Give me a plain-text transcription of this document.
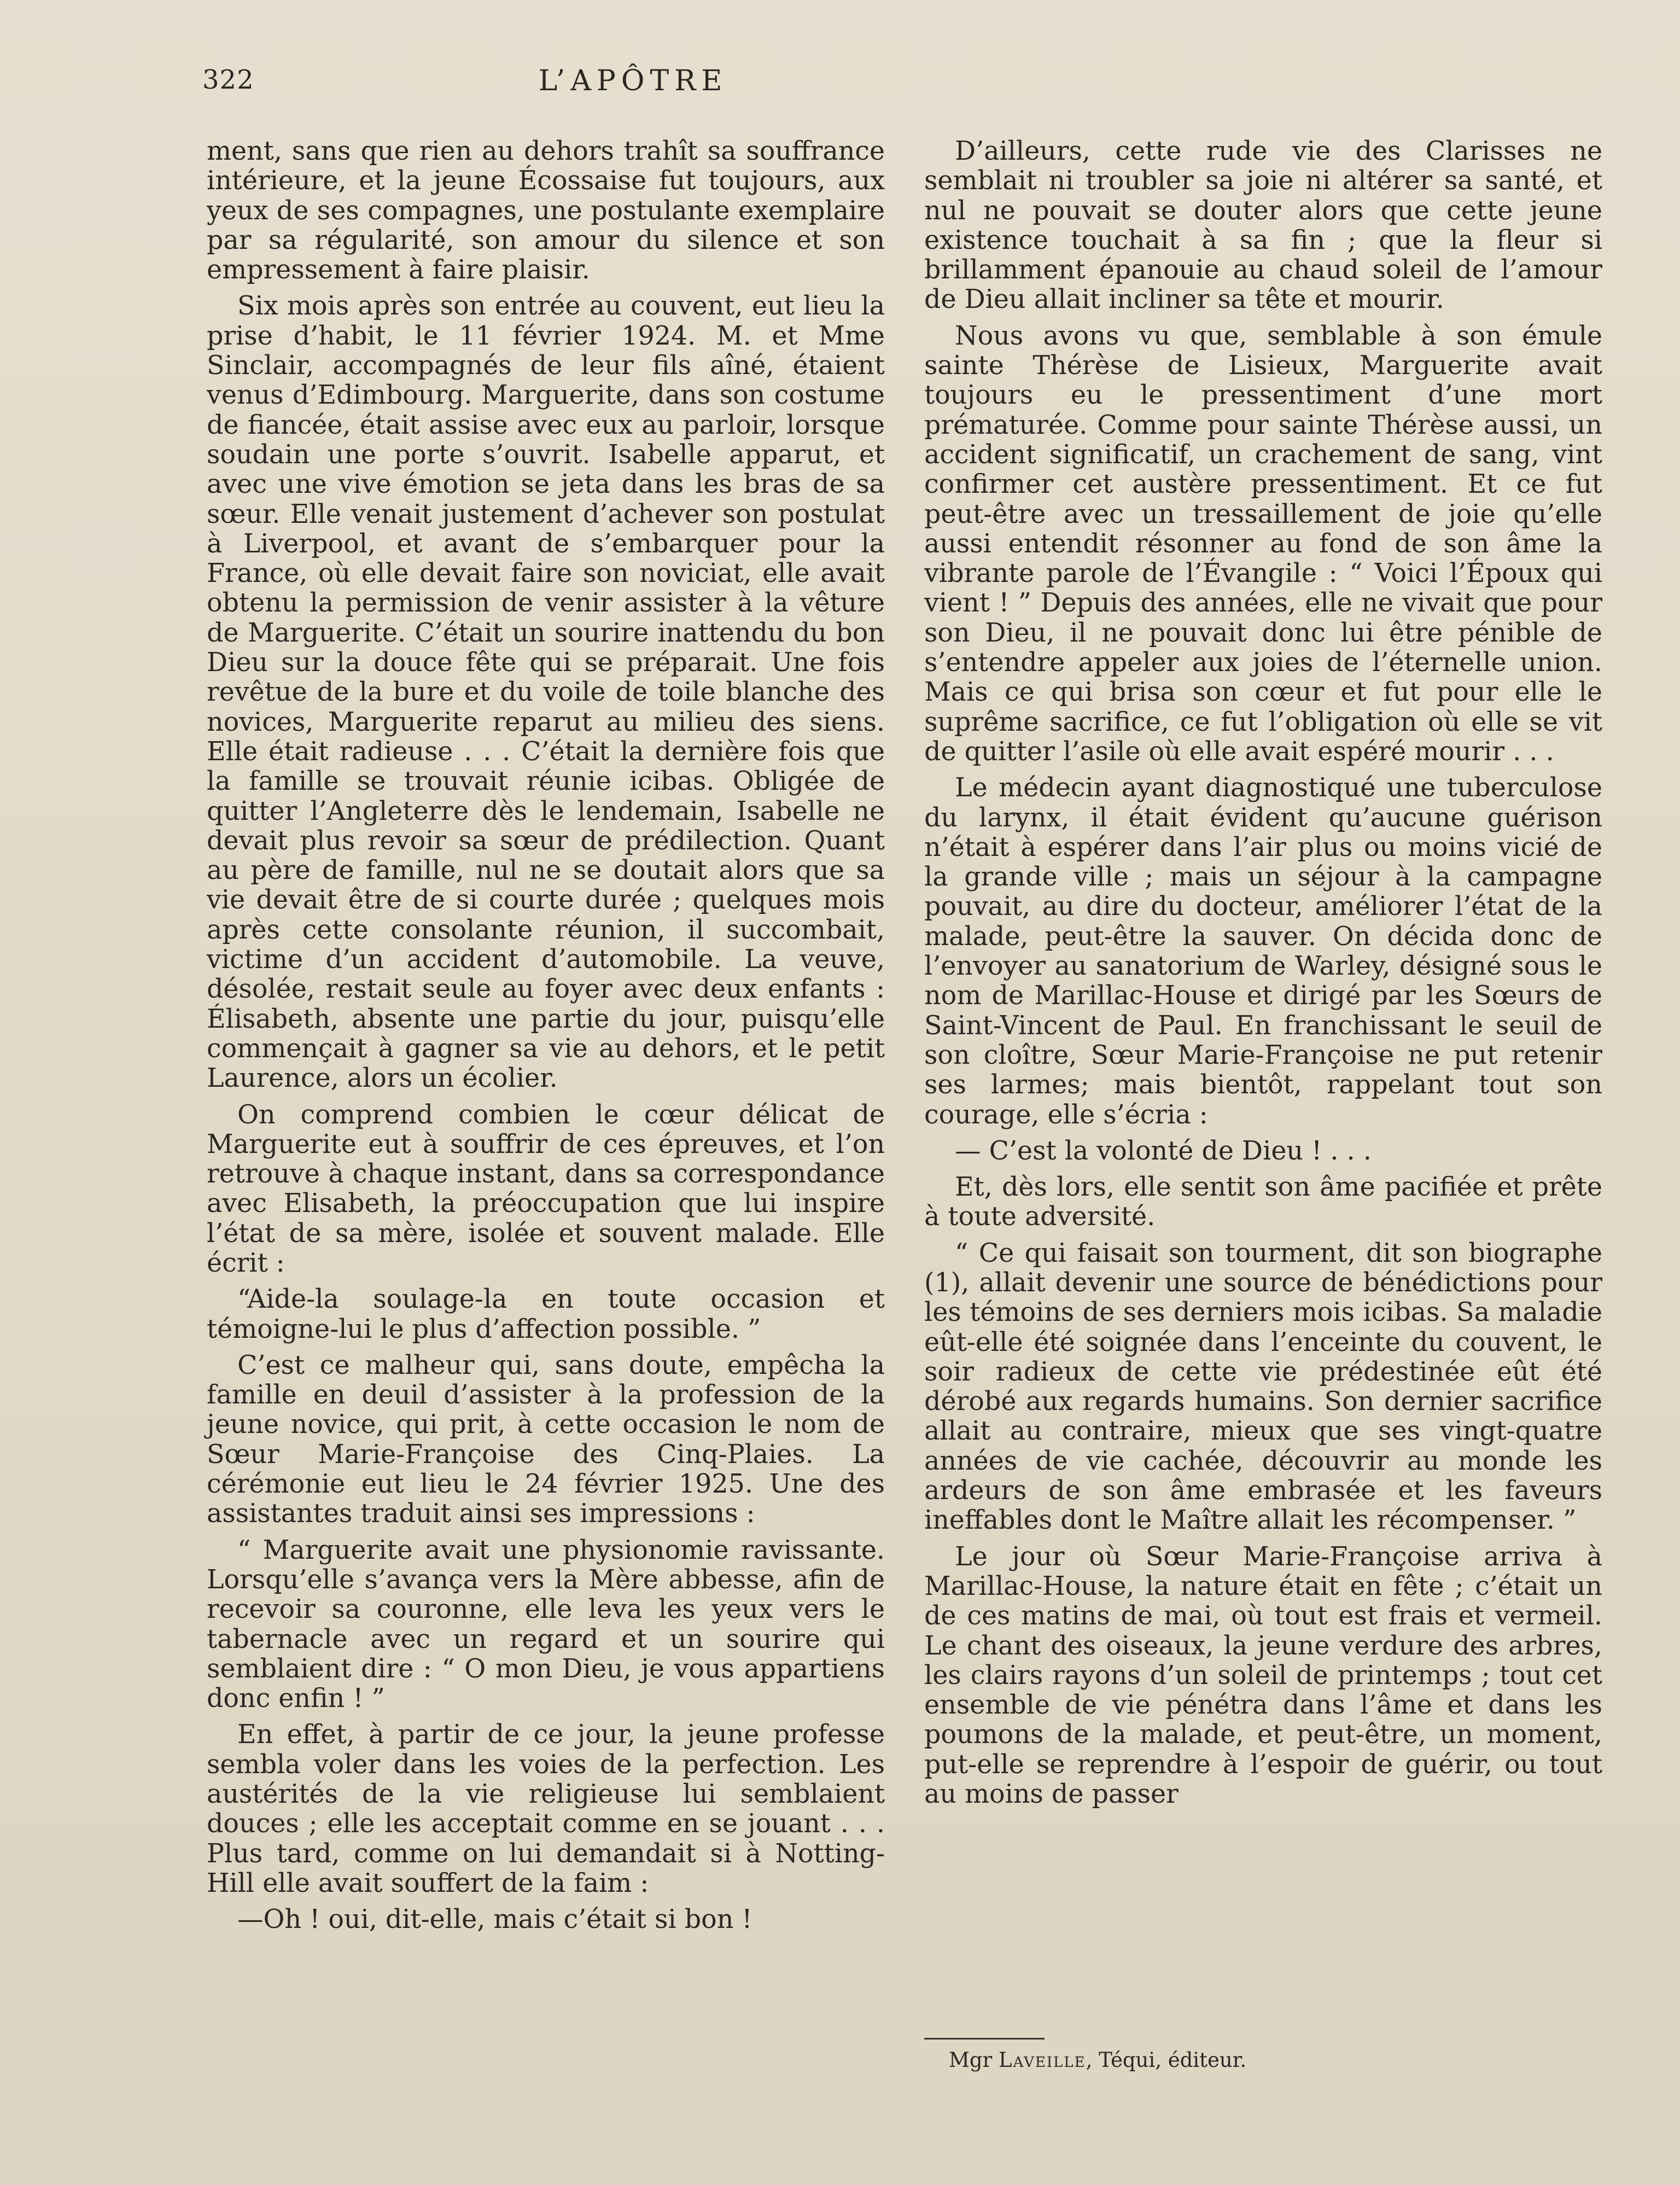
322	L’APÔTRE

ment, sans que rien au dehors trahît sa souffrance intérieure, et la jeune Écossaise fut toujours, aux yeux de ses compagnes, une postulante exemplaire par sa régularité, son amour du silence et son empressement à faire plaisir.

Six mois après son entrée au couvent, eut lieu la prise d’habit, le 11 février 1924. M. et Mme Sinclair, accompagnés de leur fils aîné, étaient venus d’Edimbourg. Marguerite, dans son costume de fiancée, était assise avec eux au parloir, lorsque soudain une porte s’ouvrit. Isabelle apparut, et avec une vive émotion se jeta dans les bras de sa sœur. Elle venait justement d’achever son postulat à Liverpool, et avant de s’embarquer pour la France, où elle devait faire son noviciat, elle avait obtenu la permission de venir assister à la vêture de Marguerite. C’était un sourire inattendu du bon Dieu sur la douce fête qui se préparait. Une fois revêtue de la bure et du voile de toile blanche des novices, Marguerite reparut au milieu des siens. Elle était radieuse . . . C’était la dernière fois que la famille se trouvait réunie icibas. Obligée de quitter l’Angleterre dès le lendemain, Isabelle ne devait plus revoir sa sœur de prédilection. Quant au père de famille, nul ne se doutait alors que sa vie devait être de si courte durée ; quelques mois après cette consolante réunion, il succombait, victime d’un accident d’automobile. La veuve, désolée, restait seule au foyer avec deux enfants : Élisabeth, absente une partie du jour, puisqu’elle commençait à gagner sa vie au dehors, et le petit Laurence, alors un écolier.

On comprend combien le cœur délicat de Marguerite eut à souffrir de ces épreuves, et l’on retrouve à chaque instant, dans sa correspondance avec Elisabeth, la préoccupation que lui inspire l’état de sa mère, isolée et souvent malade. Elle écrit :

“Aide-la soulage-la en toute occasion et témoigne-lui le plus d’affection possible. ”

C’est ce malheur qui, sans doute, empêcha la famille en deuil d’assister à la profession de la jeune novice, qui prit, à cette occasion le nom de Sœur Marie-Françoise des Cinq-Plaies. La cérémonie eut lieu le 24 février 1925. Une des assistantes traduit ainsi ses impressions :

“ Marguerite avait une physionomie ravissante. Lorsqu’elle s’avança vers la Mère abbesse, afin de recevoir sa couronne, elle leva les yeux vers le tabernacle avec un regard et un sourire qui semblaient dire : “ O mon Dieu, je vous appartiens donc enfin ! ”

En effet, à partir de ce jour, la jeune professe sembla voler dans les voies de la perfection. Les austérités de la vie religieuse lui semblaient douces ; elle les acceptait comme en se jouant . . . Plus tard, comme on lui demandait si à Notting-Hill elle avait souffert de la faim :

—Oh ! oui, dit-elle, mais c’était si bon !

D’ailleurs, cette rude vie des Clarisses ne semblait ni troubler sa joie ni altérer sa santé, et nul ne pouvait se douter alors que cette jeune existence touchait à sa fin ; que la fleur si brillamment épanouie au chaud soleil de l’amour de Dieu allait incliner sa tête et mourir.

Nous avons vu que, semblable à son émule sainte Thérèse de Lisieux, Marguerite avait toujours eu le pressentiment d’une mort prématurée. Comme pour sainte Thérèse aussi, un accident significatif, un crachement de sang, vint confirmer cet austère pressentiment. Et ce fut peut-être avec un tressaillement de joie qu’elle aussi entendit résonner au fond de son âme la vibrante parole de l’Évangile : “ Voici l’Époux qui vient ! ” Depuis des années, elle ne vivait que pour son Dieu, il ne pouvait donc lui être pénible de s’entendre appeler aux joies de l’éternelle union. Mais ce qui brisa son cœur et fut pour elle le suprême sacrifice, ce fut l’obligation où elle se vit de quitter l’asile où elle avait espéré mourir . . .

Le médecin ayant diagnostiqué une tuberculose du larynx, il était évident qu’aucune guérison n’était à espérer dans l’air plus ou moins vicié de la grande ville ; mais un séjour à la campagne pouvait, au dire du docteur, améliorer l’état de la malade, peut-être la sauver. On décida donc de l’envoyer au sanatorium de Warley, désigné sous le nom de Marillac-House et dirigé par les Sœurs de Saint-Vincent de Paul. En franchissant le seuil de son cloître, Sœur Marie-Françoise ne put retenir ses larmes; mais bientôt, rappelant tout son courage, elle s’écria :

— C’est la volonté de Dieu ! . . .

Et, dès lors, elle sentit son âme pacifiée et prête à toute adversité.

“ Ce qui faisait son tourment, dit son biographe (1), allait devenir une source de bénédictions pour les témoins de ses derniers mois icibas. Sa maladie eût-elle été soignée dans l’enceinte du couvent, le soir radieux de cette vie prédestinée eût été dérobé aux regards humains. Son dernier sacrifice allait au contraire, mieux que ses vingt-quatre années de vie cachée, découvrir au monde les ardeurs de son âme embrasée et les faveurs ineffables dont le Maître allait les récompenser. ”

Le jour où Sœur Marie-Françoise arriva à Marillac-House, la nature était en fête ; c’était un de ces matins de mai, où tout est frais et vermeil. Le chant des oiseaux, la jeune verdure des arbres, les clairs rayons d’un soleil de printemps ; tout cet ensemble de vie pénétra dans l’âme et dans les poumons de la malade, et peut-être, un moment, put-elle se reprendre à l’espoir de guérir, ou tout au moins de passer

Mgr Laveille, Téqui, éditeur.
